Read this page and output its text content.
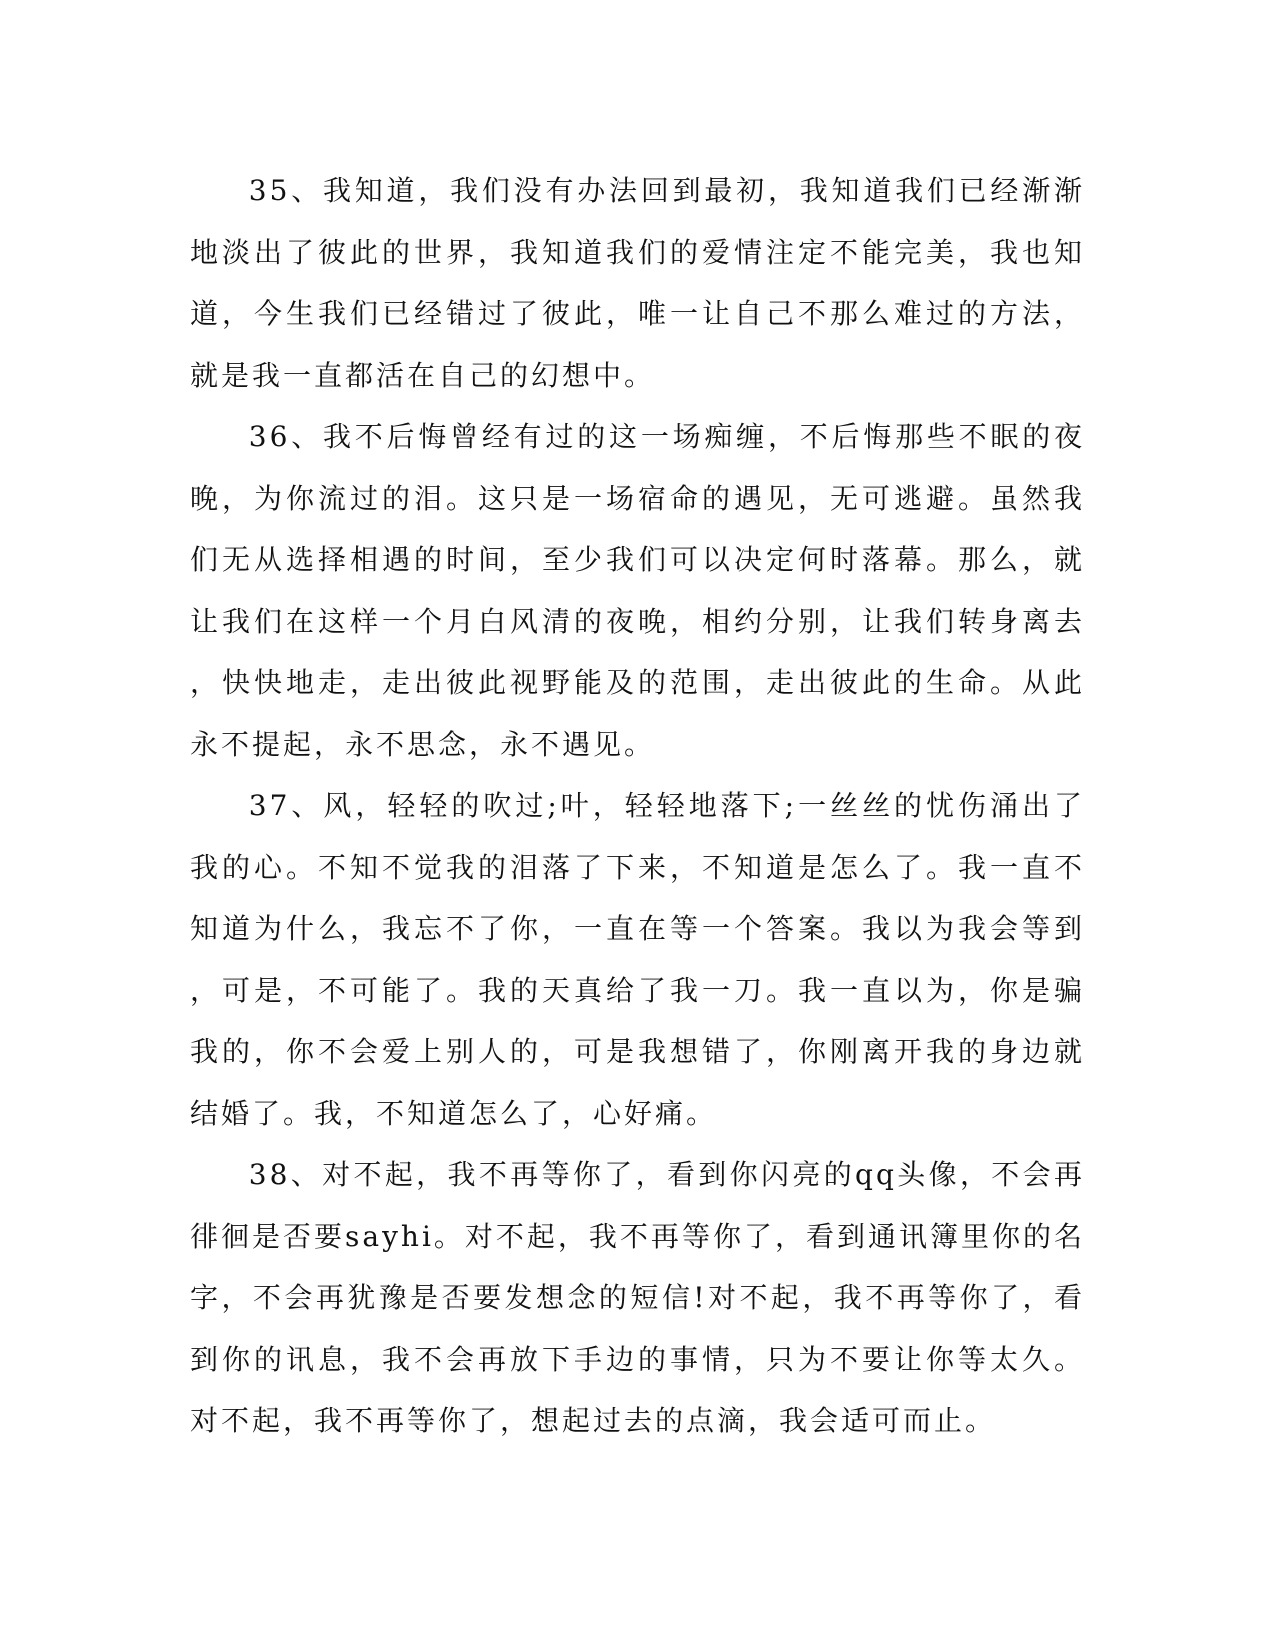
35、我知道，我们没有办法回到最初，我知道我们已经渐渐地淡出了彼此的世界，我知道我们的爱情注定不能完美，我也知道，今生我们已经错过了彼此，唯一让自己不那么难过的方法，就是我一直都活在自己的幻想中。

36、我不后悔曾经有过的这一场痴缠，不后悔那些不眠的夜晚，为你流过的泪。这只是一场宿命的遇见，无可逃避。虽然我们无从选择相遇的时间，至少我们可以决定何时落幕。那么，就让我们在这样一个月白风清的夜晚，相约分别，让我们转身离去，快快地走，走出彼此视野能及的范围，走出彼此的生命。从此永不提起，永不思念，永不遇见。

37、风，轻轻的吹过;叶，轻轻地落下;一丝丝的忧伤涌出了我的心。不知不觉我的泪落了下来，不知道是怎么了。我一直不知道为什么，我忘不了你，一直在等一个答案。我以为我会等到，可是，不可能了。我的天真给了我一刀。我一直以为，你是骗我的，你不会爱上别人的，可是我想错了，你刚离开我的身边就结婚了。我，不知道怎么了，心好痛。

38、对不起，我不再等你了，看到你闪亮的qq头像，不会再徘徊是否要sayhi。对不起，我不再等你了，看到通讯簿里你的名字，不会再犹豫是否要发想念的短信!对不起，我不再等你了，看到你的讯息，我不会再放下手边的事情，只为不要让你等太久。对不起，我不再等你了，想起过去的点滴，我会适可而止。
